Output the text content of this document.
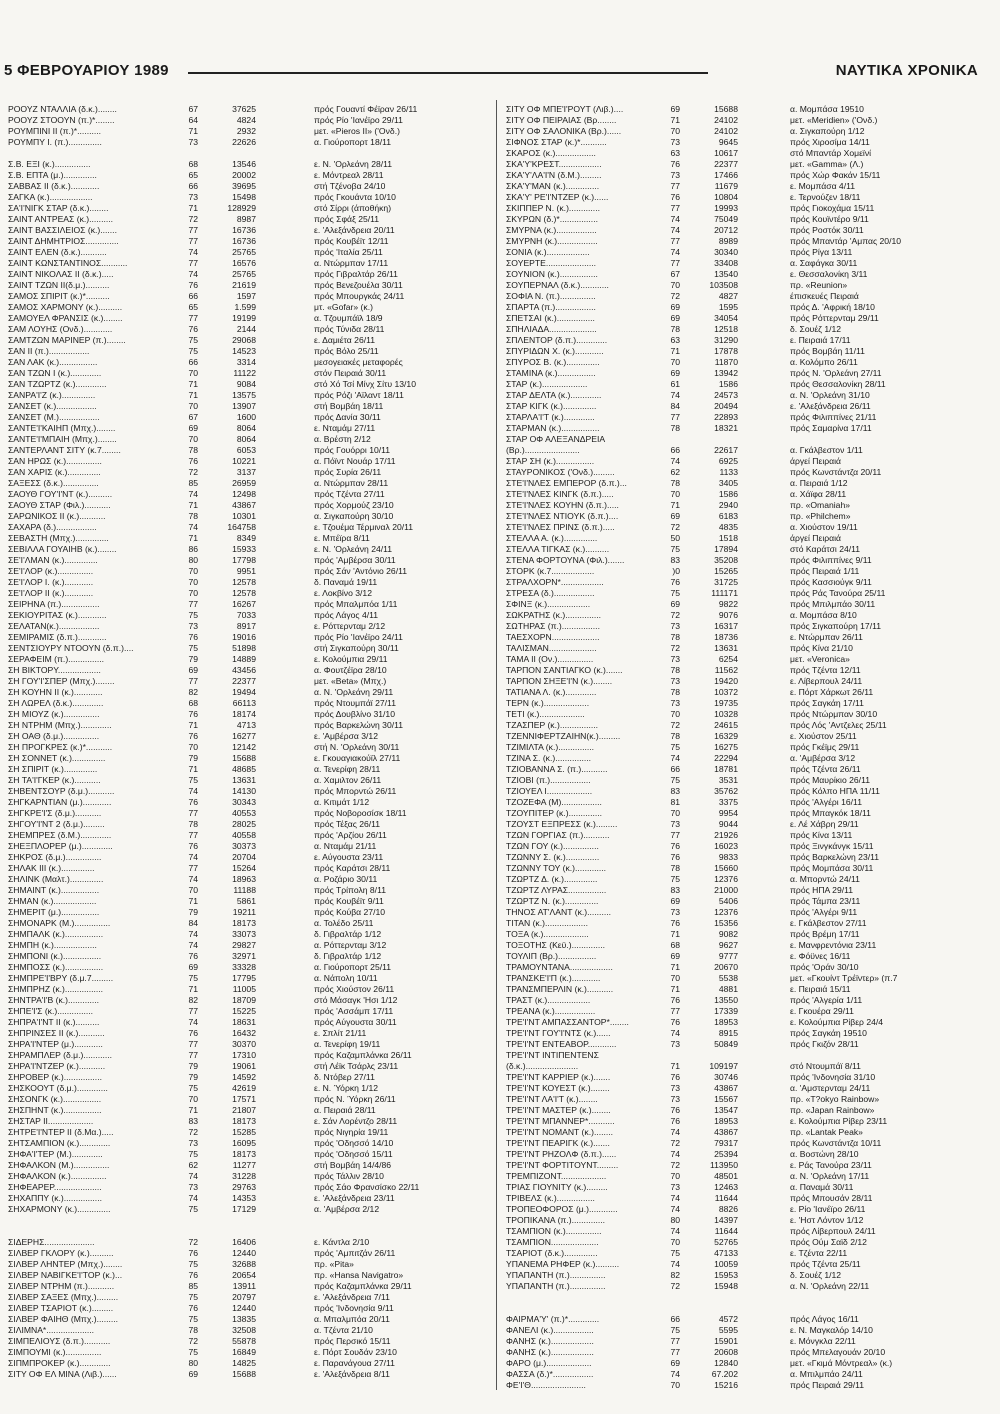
5 ΦΕΒΡΟΥΑΡΙΟΥ 1989	ΝΑΥΤΙΚΑ ΧΡΟΝΙΚΑ
ΡΟΟΥΖ ΝΤΑΛΛΙΑ (δ.κ.)........	67	37625	πρός Γουαντί Φέϊραν 26/11
ΡΟΟΥΖ ΣΤΟΟΥΝ (π.)*........	64	4824	πρός Ρίο 'Ιανέϊρο 29/11
ΡΟΥΜΠΙΝΙ II (π.)*..........	71	2932	μετ. «Pieros II» ('Ονδ.)
ΡΟΥΜΠΥ Ι. (π.)..............	73	22626	α. Γιούροπορτ 18/11
Σ.Β. ΕΞΙ (κ.)...............	68	13546	ε. Ν. 'Ορλεάνη 28/11
Σ.Β. ΕΠΤΑ (μ.)..............	65	20002	ε. Μόντρεαλ 28/11
ΣΑΒΒΑΣ II (δ.κ.)............	66	39695	στή Τζένοβα 24/10
ΣΑΓΚΑ (κ.)..................	73	15498	πρός Γκουάντα 10/10
ΣΑ'Ι'ΝΙΓΚ ΣΤΑΡ (δ.κ.)........	71	128929	στό Σίρρι (άποθήκη)
ΣΑΙΝΤ ΑΝΤΡΕΑΣ (κ.)..........	72	8987	πρός Σφάξ 25/11
ΣΑΙΝΤ ΒΑΣΣΙΛΕΙΟΣ (κ.).......	77	16736	ε. 'Αλεξάνδρεια 20/11
ΣΑΙΝΤ ΔΗΜΗΤΡΙΟΣ..............	77	16736	πρός Κουβέϊτ 12/11
ΣΑΙΝΤ ΕΛΕΝ (δ.κ.)...........	74	25765	πρός 'Ιταλία 25/11
ΣΑΙΝΤ ΚΩΝΣΤΑΝΤΙΝΟΣ...........	77	16576	α. Ντώρμπαν 17/11
ΣΑΙΝΤ ΝΙΚΟΛΑΣ II (δ.κ.).....	74	25765	πρός Γιβραλτάρ 26/11
ΣΑΙΝΤ ΤΖΩΝ II(δ.μ.)..........	76	21619	πρός Βενεζουέλα 30/11
ΣΑΜΟΣ ΣΠΙΡΙΤ (κ.)*..........	66	1597	πρός Μπουργκάς 24/11
ΣΑΜΟΣ ΧΑΡΜΟΝΥ (κ.)..........	65	1.599	μτ. «Gofar» (κ.)
ΣΑΜΟΥΕΛ ΦΡΑΝΣΙΣ (κ.)........	77	19199	α. Τζουμπάϊλ 18/9
ΣΑΜ ΛΟΥΗΣ (Ονδ.)............	76	2144	πρός Τύνιδα 28/11
ΣΑΜΤΖΩΝ ΜΑΡΙΝΕΡ (π.)........	75	29068	ε. Δαμιέτα 26/11
ΣΑΝ II (π.).................	75	14523	πρός Βόλο 25/11
ΣΑΝ ΛΑΚ (κ.)................	66	3314	μεσογειακές μεταφορές
ΣΑΝ ΤΖΩΝ Ι (κ.).............	70	11122	στόν Πειραιά 30/11
ΣΑΝ ΤΖΩΡΤΖ (κ.).............	71	9084	στό Χό Τσί Μίνχ Σίτυ 13/10
ΣΑΝΡΑ'Ι'Ζ (κ.)..............	71	13575	πρός Ρόζι 'Αϊλαντ 18/11
ΣΑΝΣΕΤ (κ.).................	70	13907	στή Βομβάη 18/11
ΣΑΝΣΕΤ (Μ.).................	67	1600	πρός Δανία 30/11
ΣΑΝΤΕ'Ι'ΚΑΙΗΠ (Μπχ.)........	69	8064	ε. Νταμάμ 27/11
ΣΑΝΤΕ'Ι'ΜΠΑΙΗ (Μπχ.)........	70	8064	α. Βρέστη 2/12
ΣΑΝΤΕΡΛΑΝΤ ΣΙΤΥ (κ.7........	78	6053	πρός Γουόρρι 10/11
ΣΑΝ ΗΡΩΣ (κ.)...............	76	10221	α. Πόϊντ Νουάρ 17/11
ΣΑΝ ΧΑΡΙΣ (κ.)..............	72	3137	πρός Συρία 26/11
ΣΑΞΕΣΣ (δ.κ.)...............	85	26959	α. Ντώρμπαν 28/11
ΣΑΟΥΘ ΓΟΥ'Ι'ΝΤ (κ.)..........	74	12498	πρός Τζέντα 27/11
ΣΑΟΥΘ ΣΤΑΡ (Φιλ.)...........	71	43867	πρός Χορμούζ 23/10
ΣΑΡΩΝΙΚΟΣ II (κ.)...........	78	10301	α. Σιγκαπούρη 30/10
ΣΑΧΑΡΑ (δ.).................	74	164758	ε. Τζουέμα Τέρμιναλ 20/11
ΣΕΒΑΣΤΗ (Μπχ.)..............	71	8349	ε. Μπέϊρα 8/11
ΣΕΒΙΛΛΑ ΓΟΥΑΙΗΒ (κ.)........	86	15933	ε. Ν. 'Ορλεάνη 24/11
ΣΕ'Ι'ΛΜΑΝ (κ.)..............	80	17798	πρός 'Αμβέρσα 30/11
ΣΕ'Ι'ΛΟΡ (κ.)...............	70	9951	πρός Σάν 'Αντόνιο 26/11
ΣΕ'Ι'ΛΟΡ Ι. (κ.)............	70	12578	δ. Παναμά 19/11
ΣΕ'Ι'ΛΟΡ II (κ.)............	70	12578	ε. Λοκβίνο 3/12
ΣΕΙΡΗΝΑ (π.)................	77	16267	πρός Μπαλμπόα 1/11
ΣΕΚΙΟΥΡΙΤΑΣ (κ.)............	75	7033	πρός Λάγος 4/11
ΣΕΛΑΤΑΝ(κ.).................	73	8917	ε. Ρόττερνταμ 2/12
ΣΕΜΙΡΑΜΙΣ (δ.π.)............	76	19016	πρός Ρίο 'Ιανέϊρο 24/11
ΣΕΝΤΣΙΟΥΡΥ ΝΤΟΟΥΝ (δ.π.)....	75	51898	στή Σιγκαπούρη 30/11
ΣΕΡΑΦΕΙΜ (π.)...............	79	14889	ε. Κολούμπια 29/11
ΣΗ ΒΙΚΤΟΡΥ..................	69	43456	α. Φουτζέϊρα 28/10
ΣΗ ΓΟΥ'Ι'ΣΠΕΡ (Μπχ.)........	77	22377	μετ. «Beta» (Μπχ.)
ΣΗ ΚΟΥΗΝ II (κ.)............	82	19494	α. Ν. 'Ορλεάνη 29/11
ΣΗ ΛΩΡΕΛ (δ.κ.).............	68	66113	πρός Ντουμπάϊ 27/11
ΣΗ ΜΙΟΥΖ (κ.)...............	76	18174	πρός Δουβλίνο 31/10
ΣΗ ΝΤΡΗΜ (Μπχ.).............	71	4713	πρός Βαρκελώνη 30/11
ΣΗ ΟΑΘ (δ.μ.)...............	76	16277	ε. 'Αμβέρσα 3/12
ΣΗ ΠΡΟΓΚΡΕΣ (κ.)*...........	70	12142	στή Ν. 'Ορλεάνη 30/11
ΣΗ ΣΟΝΝΕΤ (κ.)..............	79	15688	ε. Γκουαγιακούϊλ 27/11
ΣΗ ΣΠΙΡΙΤ (κ.)..............	71	48685	α. Τενερίφη 28/11
ΣΗ ΤΑ'Ι'ΓΚΕΡ (κ.)...........	75	13631	α. Χαμιλτον 26/11
ΣΗΒΕΝΤΣΟΥΡ (δ.μ.)...........	74	14130	πρός Μπορντώ 26/11
ΣΗΓΚΑΡΝΤΙΑΝ (μ.)............	76	30343	α. Κιτιμάτ 1/12
ΣΗΓΚΡΕ'Ι'Σ (δ.μ.)...........	77	40553	πρός Νοβοροσίσκ 18/11
ΣΗΓΟΥ'Ι'ΝΤ 2 (δ.μ.).........	78	28025	πρός Τέξας 26/11
ΣΗΕΜΠΡΕΣ (δ.Μ.).............	77	40558	πρός 'Αρζίου 26/11
ΣΗΕΞΠΛΟΡΕΡ (μ.).............	76	30373	α. Νταμάμ 21/11
ΣΗΚΡΟΣ (δ.μ.)...............	74	20704	ε. Αύγουστα 23/11
ΣΗΛΑΚ III (κ.)..............	77	15264	πρός Καράτσι 28/11
ΣΗΛΙΝΚ (Μαλτ.)..............	74	18963	α. Ροζάριο 30/11
ΣΗΜΑΙΝΤ (κ.)................	70	11188	πρός Τρίπολη 8/11
ΣΗΜΑΝ (κ.)..................	71	5861	πρός Κουβέϊτ 9/11
ΣΗΜΕΡΙΤ (μ.)................	79	19211	πρός Κούβα 27/10
ΣΗΜΟΝΑΡΚ (Μ.)...............	84	18173	α. Τολέδο 25/11
ΣΗΜΠΑΛΚ (κ.)................	74	33073	δ. Γιβραλτάρ 1/12
ΣΗΜΠΗ (κ.)..................	74	29827	α. Ρόττερνταμ 3/12
ΣΗΜΠΟΝΙ (κ.)................	76	32971	δ. Γιβραλτάρ 1/12
ΣΗΜΠΟΣΣ (κ.)................	69	33328	α. Γιούροπορτ 25/11
ΣΗΜΠΡΕ'Ι'ΒΡΥ (δ.μ.7.........	75	17795	α. Νάπολη 10/11
ΣΗΜΠΡΗΖ (κ.)................	71	11005	πρός Χιούστον 26/11
ΣΗΝΤΡΑ'Ι'Β (κ.).............	82	18709	στό Μάσαγκ 'Ησι 1/12
ΣΗΠΕ'Ι'Σ (κ.)...............	77	15225	πρός 'Ασσάμπ 17/11
ΣΗΠΡΑ'Ι'ΝΤ II (κ.)..........	74	18631	πρός Αύγουστα 30/11
ΣΗΠΡΙΝΣΕΣ II (κ.)...........	76	16432	ε. Σπλίτ 21/11
ΣΗΡΑ'Ι'ΝΤΕΡ (μ.)............	77	30370	α. Τενερίφη 19/11
ΣΗΡΑΜΠΛΕΡ (δ.μ.)............	77	17310	πρός Καζαμπλάνκα 26/11
ΣΗΡΑ'Ι'ΝΤΖΕΡ (κ.)...........	79	19061	στή Λέϊκ Τσάρλς 23/11
ΣΗΡΟΒΕΡ (κ.)................	79	14592	δ. Ντόβερ 27/11
ΣΗΣΚΟΟΥΤ (δ.μ.).............	75	42619	ε. Ν. Ύόρκη 1/12
ΣΗΣΟΝΓΚ (κ.)................	70	17571	πρός Ν. Ύόρκη 26/11
ΣΗΣΠΗΝΤ (κ.)................	71	21807	α. Πειραιά 28/11
ΣΗΣΤΑΡ II...................	83	18173	ε. Σάν Λορέντζο 28/11
ΣΗΤΡΕ'Ι'ΝΤΕΡ II (δ.Μα.).....	72	15285	πρός Νιγηρία 19/11
ΣΗΤΣΑΜΠΙΟΝ (κ.).............	73	16095	πρός 'Οδησσό 14/10
ΣΗΦΑ'Ι'ΤΕΡ (Μ.).............	75	18173	πρός 'Οδησσό 15/11
ΣΗΦΑΛΚΟΝ (Μ.)...............	62	11277	στή Βομβάη 14/4/86
ΣΗΦΑΛΚΟΝ (κ.)...............	74	31228	πρός Τάλλιν 28/10
ΣΗΦΕΑΡΕΡ....................	73	29763	πρός Σάο Φρανσίσκο 22/11
ΣΗΧΑΠΠΥ (κ.)................	74	14353	ε. 'Αλεξάνδρεια 23/11
ΣΗΧΑΡΜΟΝΥ (κ.)..............	75	17129	α. 'Αμβέρσα 2/12
ΣΙΔΕΡΗΣ.....................	72	16406	ε. Κάντλα 2/10
ΣΙΛΒΕΡ ΓΚΛΟΡΥ (κ.)..........	76	12440	πρός 'Αμπιτζάν 26/11
ΣΙΛΒΕΡ ΛΗΝΤΕΡ (Μπχ.)........	75	32688	πρ. «Pita»
ΣΙΛΒΕΡ ΝΑΒΙΓΚΕ'Ι'ΤΟΡ (κ.)...	76	20654	πρ. «Hansa Navigatro»
ΣΙΛΒΕΡ ΝΤΡΗΜ (π.)...........	85	13911	πρός Καζαμπλάνκα 29/11
ΣΙΛΒΕΡ ΣΑΞΕΣ (Μπχ.).........	75	20797	ε. 'Αλεξάνδρεια 7/11
ΣΙΛΒΕΡ ΤΣΑΡΙΟΤ (κ.).........	76	12440	πρός 'Ινδονησία 9/11
ΣΙΛΒΕΡ ΦΑΙΗΘ (Μπχ.).........	75	13835	α. Μπαλμπόα 20/11
ΣΙΛΙΜΝΑ*....................	78	32508	α. Τζέντα 21/10
ΣΙΜΠΕΛΙΟΥΣ (δ.π.)...........	72	55878	πρός Περσικό 15/11
ΣΙΜΠΟΥΜΙ (κ.)...............	75	16849	ε. Πόρτ Σουδάν 23/10
ΣΙΠΜΠΡΟΚΕΡ (κ.).............	80	14825	ε. Παρανάγουα 27/11
ΣΙΤΥ ΟΦ ΕΛ ΜΙΝΑ (Λιβ.)......	69	15688	ε. 'Αλεξάνδρεια 8/11
ΣΙΤΥ ΟΦ ΜΠΕ'Ι'ΡΟΥΤ (Λιβ.)....	69	15688	α. Μομπάσα 19510
ΣΙΤΥ ΟΦ ΠΕΙΡΑΙΑΣ (Βρ........	71	24102	μετ. «Meridien» ('Ονδ.)
ΣΙΤΥ ΟΦ ΣΑΛΟΝΙΚΑ (Βρ.)......	70	24102	α. Σιγκαπούρη 1/12
ΣΙΦΝΟΣ ΣΤΑΡ (κ.)*...........	73	9645	πρός Χιροσίμα 14/11
ΣΚΑΡΟΣ (κ.).................	63	10617	στό Μπαντάρ Χομεϊνί
ΣΚΑ'Υ'ΚΡΕΣΤ..................	76	22377	μετ. «Gamma» (Λ.)
ΣΚΑ'Υ'ΛΑ'Ι'Ν (δ.Μ.).........	73	17466	πρός Χώρ Φακάν 15/11
ΣΚΑ'Υ'ΜΑΝ (κ.)..............	77	11679	ε. Μομπάσα 4/11
ΣΚΑ'Υ' ΡΕ'Ι'ΝΤΖΕΡ (κ.)......	76	10804	ε. Τερνούζεν 18/11
ΣΚΙΠΠΕΡ Ν. (κ.).............	77	19993	πρός Γιοκοχάμα 15/11
ΣΚΥΡΩΝ (δ.)*................	74	75049	πρός Κουϊντέρο 9/11
ΣΜΥΡΝΑ (κ.).................	74	20712	πρός Ροστόκ 30/11
ΣΜΥΡΝΗ (κ.).................	77	8989	πρός Μπαντάρ 'Αμπας 20/10
ΣΟΝΙΑ (κ.)..................	74	30340	πρός Ρίγα 13/11
ΣΟΥΕΡΤΕ.....................	77	33408	α. Σαφάγκα 30/11
ΣΟΥΝΙΟΝ (κ.)................	67	13540	ε. Θεσσαλονίκη 3/11
ΣΟΥΠΕΡΝΑΛ (δ.κ.)............	70	103508	πρ. «Reunion»
ΣΟΦΙΑ Ν. (π.)...............	72	4827	έπισκευές Πειραιά
ΣΠΑΡΤΑ (π.).................	69	1595	πρός Δ. 'Αφρική 18/10
ΣΠΕΤΣΑΙ (κ.)................	69	34054	πρός Ρόττερνταμ 29/11
ΣΠΗΛΙΑΔΑ....................	78	12518	δ. Σουέζ 1/12
ΣΠΛΕΝΤΟΡ (δ.π.).............	63	31290	ε. Πειραιά 17/11
ΣΠΥΡΙΔΩΝ Χ. (κ.)............	71	17878	πρός Βομβάη 11/11
ΣΠΥΡΟΣ Β. (κ.)..............	70	11870	α. Κολόμπο 26/11
ΣΤΑΜΙΝΑ (κ.)................	69	13942	πρός Ν. 'Ορλεάνη 27/11
ΣΤΑΡ (κ.)...................	61	1586	πρός Θεσσαλονίκη 28/11
ΣΤΑΡ ΔΕΛΤΑ (κ.).............	74	24573	α. Ν. 'Ορλεάνη 31/10
ΣΤΑΡ ΚΙΓΚ (κ.)..............	84	20494	ε. 'Αλεξάνδρεια 26/11
ΣΤΑΡΛΑ'Ι'Τ (κ.).............	77	22893	πρός Φιλιππίνες 21/11
ΣΤΑΡΜΑΝ (κ.)................	78	18321	πρός Σαμαρίνα 17/11
ΣΤΑΡ ΟΦ ΑΛΕΞΑΝΔΡΕΙΑ
(Βρ.).......................	66	22617	α. Γκάλβεστον 1/11
ΣΤΑΡ ΣΗ (κ.)................	74	6925	άργεί Πειραιά
ΣΤΑΥΡΟΝΙΚΟΣ ('Ονδ.).........	62	1133	πρός Κωνστάντζα 20/11
ΣΤΕ'Ι'ΝΛΕΣ ΕΜΠΕΡΟΡ (δ.π.)...	78	3405	α. Πειραιά 1/12
ΣΤΕ'Ι'ΝΛΕΣ ΚΙΝΓΚ (δ.π.).....	70	1586	α. Χάϊφα 28/11
ΣΤΕ'Ι'ΝΛΕΣ ΚΟΥΗΝ (δ.π.).....	71	2940	πρ. «Omaniah»
ΣΤΕ'Ι'ΝΛΕΣ ΝΤΙΟΥΚ (δ.π.)....	69	6183	πρ. «Philchem»
ΣΤΕ'Ι'ΝΛΕΣ ΠΡΙΝΣ (δ.π.).....	72	4835	α. Χιούστον 19/11
ΣΤΕΛΛΑ Α. (κ.)..............	50	1518	άργεί Πειραιά
ΣΤΕΛΛΑ ΤΙΓΚΑΣ (κ.)..........	75	17894	στό Καράτσι 24/11
ΣΤΕΝΑ ΦΟΡΤΟΥΝΑ (Φιλ.).......	83	35208	πρός Φιλιππίνες 9/11
ΣΤΟΡΚ (κ.7..................	)0	15265	πρός Πειραιά 1/11
ΣΤΡΑΛΧΟΡΝ*..................	76	31725	πρός Κασσιούγκ 9/11
ΣΤΡΕΣΑ (δ.).................	75	111171	πρός Ράς Τανούρα 25/11
ΣΦΙΝΞ (κ.)..................	69	9822	πρός Μπιλμπάο 30/11
ΣΩΚΡΑΤΗΣ (κ.)...............	72	9076	α. Μομπάσα 8/10
ΣΩΤΗΡΑΣ (π.)................	73	16317	πρός Σιγκαπούρη 17/11
ΤΑΕΣΧΟΡΝ....................	78	18736	ε. Ντώρμπαν 26/11
ΤΑΛΙΣΜΑΝ....................	72	13631	πρός Κίνα 21/10
ΤΑΜΑ II (Ον.)...............	73	6254	μετ. «Veronica»
ΤΑΡΠΟΝ ΣΑΝΤΙΑΓΚΟ (κ.).......	78	11562	πρός Τζέντα 12/11
ΤΑΡΠΟΝ ΣΗΞΕ'Ι'Ν (κ.)........	73	19420	ε. Λίβερπουλ 24/11
ΤΑΤΙΑΝΑ Λ. (κ.).............	78	10372	ε. Πόρτ Χάρκωτ 26/11
ΤΕΡΝ (κ.)...................	73	19735	πρός Σαγκάη 17/11
ΤΕΤΙ (κ.)...................	70	10328	πρός Ντώρμπαν 30/10
ΤΖΑΣΠΕΡ (κ.)................	72	24615	πρός Λός 'Αντζελες 25/11
ΤΖΕΝΝΙΦΕΡΤΖΑΙΗΝ(κ.).........	78	16329	ε. Χιούστον 25/11
ΤΖΙΜΙΛΤΑ (κ.)...............	75	16275	πρός Γκέϊμς 29/11
ΤΖΙΝΑ Σ. (κ.)...............	74	22294	α. 'Αμβέρσα 3/12
ΤΖΙΟΒΑΝΝΑ Σ. (π.)...........	66	18781	πρός Τζέντα 26/11
ΤΖΙΟΒΙ (π.).................	75	3531	πρός Μαυρίκιο 26/11
ΤΖΙΟΥΕΛ Ι...................	83	35762	πρός Κόλπο ΗΠΑ 11/11
ΤΖΟΖΕΦΑ (Μ).................	81	3375	πρός 'Αλγέρι 16/11
ΤΖΟΥΠΙΤΕΡ (κ.)..............	70	9954	πρός Μπαγκόκ 18/11
ΤΖΟΥΣΤ ΕΞΠΡΕΣΣ (κ.).........	73	9044	ε. Λέ Χάβρη 29/11
ΤΖΩΝ ΓΟΡΓΙΑΣ (π.)...........	77	21926	πρός Κίνα 13/11
ΤΖΩΝ ΓΟΥ (κ.)...............	76	16023	πρός Ξινγκάνγκ 15/11
ΤΖΩΝΝΥ Σ. (κ.)..............	76	9833	πρός Βαρκελώνη 23/11
ΤΖΩΝΝΥ ΤΟΥ (κ.).............	78	15660	πρός Μομπάσα 30/11
ΤΖΩΡΤΖ Δ. (κ.)..............	75	12376	α. Μπορντώ 24/11
ΤΖΩΡΤΖ ΛΥΡΑΣ................	83	21000	πρός ΗΠΑ 29/11
ΤΖΩΡΤΖ Ν. (κ.)..............	69	5406	πρός Τάμπα 23/11
ΤΗΝΟΣ ΑΤ'ΛΑΝΤ (κ.)..........	73	12376	πρός 'Αλγέρι 9/11
ΤΙΤΑΝ (κ.)..................	76	15356	ε. Γκάλβεστον 27/11
ΤΟΞΑ (κ.)...................	71	9082	πρός Βρέμη 17/11
ΤΟΞΟΤΗΣ (Κεϋ.)..............	68	9627	ε. Μανφρεντόνια 23/11
ΤΟΥΛΙΠ (Βρ.)................	69	9777	ε. Φόϋνες 16/11
ΤΡΑΜΟΥΝΤΑΝΑ..................	71	20670	πρός 'Οράν 30/10
ΤΡΑΝΣΚΕ'Ι'Π (κ.)............	70	5538	μετ. «Γκουίντ Τρέϊντερ» (π.7
ΤΡΑΝΣΜΠΕΡΛΙΝ (κ.)...........	71	4881	ε. Πειραιά 15/11
ΤΡΑΣΤ (κ.)..................	76	13550	πρός 'Αλγερία 1/11
ΤΡΕΑΝΑ (κ.).................	77	17339	ε. Γκουέρα 29/11
ΤΡΕ'Ι'ΝΤ ΑΜΠΑΣΣΑΝΤΟΡ*........	76	18953	ε. Κολούμπια Ρίβερ 24/4
ΤΡΕ'Ι'ΝΤ ΓΟΥ'Ι'ΝΤΣ (κ.)......	74	8915	πρός Σαγκάη 19510
ΤΡΕ'Ι'ΝΤ ΕΝΤΕΑΒΟΡ............	73	50849	πρός Γκιζόν 28/11
ΤΡΕ'Ι'ΝΤ ΙΝΤΙΠΕΝΤΕΝΣ
(δ.κ.)......................	71	109197	στό Ντουμπάϊ 8/11
ΤΡΕ'Ι'ΝΤ ΚΑΡΡΙΕΡ (κ.).......	76	30746	πρός 'Ινδονησία 31/10
ΤΡΕ'Ι'ΝΤ ΚΟΥΕΣΤ (κ.)........	73	43867	α. 'Αμστερνταμ 24/11
ΤΡΕ'Ι'ΝΤ ΛΑ'Ι'Τ (κ.)........	73	15567	πρ. «T?okyo Rainbow»
ΤΡΕ'Ι'ΝΤ ΜΑΣΤΕΡ (κ.)........	76	13547	πρ. «Japan Rainbow»
ΤΡΕ'Ι'ΝΤ ΜΠΑΝΝΕΡ*...........	76	18953	ε. Κολούμπια Ρίβερ 23/11
ΤΡΕ'Ι'ΝΤ ΝΟΜΑΝΤ (κ.)........	74	43867	πρ. «Lantak Peak»
ΤΡΕ'Ι'ΝΤ ΠΕΑΡΙΓΚ (κ.).......	72	79317	πρός Κωνστάντζα 10/11
ΤΡΕ'Ι'ΝΤ ΡΗΖΟΛΦ (δ.π.)......	74	25394	α. Βοστώνη 28/10
ΤΡΕ'Ι'ΝΤ ΦΟΡΤΙΤΟΥΝΤ.........	72	113950	ε. Ράς Τανούρα 23/11
ΤΡΕΜΠΙΖΟΝΤ...................	70	48501	α. Ν. 'Ορλεάνη 17/11
ΤΡΙΑΣ ΓΙΟΥΝΙΤΥ (κ.).........	73	12463	α. Παναμά 30/11
ΤΡΙΒΕΛΣ (κ.)................	74	11644	πρός Μπουσάν 28/11
ΤΡΟΠΕΟΦΟΡΟΣ (μ.)............	74	8826	ε. Ρίο 'Ιανέϊρο 26/11
ΤΡΟΠΙΚΑΝΑ (π.)..............	80	14397	ε. 'Ηστ Λόντον 1/12
ΤΣΑΜΠΙΟΝ (κ.)...............	74	11644	πρός Λίβερπουλ 24/11
ΤΣΑΜΠΙΟΝ....................	70	52765	πρός Ούμ Σαϊδ 2/12
ΤΣΑΡΙΟΤ (δ.κ.)..............	75	47133	ε. Τζέντα 22/11
ΥΠΑΝΕΜΑ ΡΗΦΕΡ (κ.)..........	74	10059	πρός Τζέντα 25/11
ΥΠΑΠΑΝΤΗ (π.)...............	82	15953	δ. Σουέζ 1/12
ΥΠΑΠΑΝΤΗ (π.)...............	72	15948	α. Ν. 'Ορλεάνη 22/11
ΦΑΙΡΜΑ'Υ' (π.)*.............	66	4572	πρός Λάγος 16/11
ΦΑΝΕΛΙ (κ.).................	75	5595	ε. Ν. Μαγκαλόρ 14/10
ΦΑΝΗΣ (κ.)..................	77	15901	ε. Μόνγκλα 22/11
ΦΑΝΗΣ (κ.)..................	77	20608	πρός Μπελαγουάν 20/10
ΦΑΡΟ (μ.)...................	69	12840	μετ. «Γκιμά Μόντρεαλ» (κ.)
ΦΑΣΣΑ (δ.)*.................	74	67.202	α. Μπιλμπάο 24/11
ΦΕ'Ι'Θ.......................	70	15216	πρός Πειραιά 29/11
